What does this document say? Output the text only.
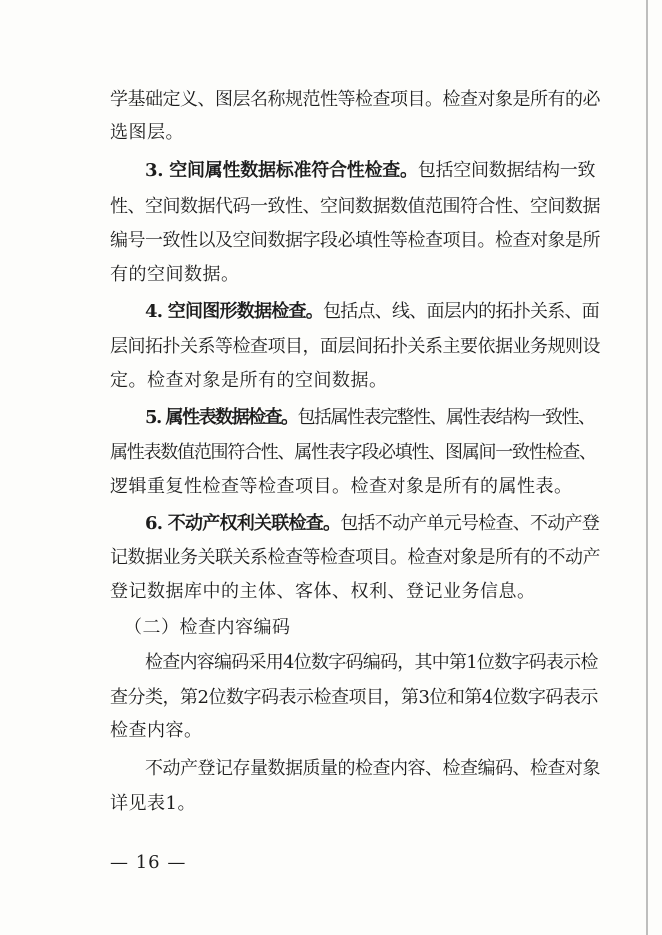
学基础定义、图层名称规范性等检查项目。检查对象是所有的必
选图层。
3. 空间属性数据标准符合性检查。包括空间数据结构一致
性、空间数据代码一致性、空间数据数值范围符合性、空间数据
编号一致性以及空间数据字段必填性等检查项目。检查对象是所
有的空间数据。
4. 空间图形数据检查。包括点、线、面层内的拓扑关系、面
层间拓扑关系等检查项目，面层间拓扑关系主要依据业务规则设
定。检查对象是所有的空间数据。
5. 属性表数据检查。包括属性表完整性、属性表结构一致性、
属性表数值范围符合性、属性表字段必填性、图属间一致性检查、
逻辑重复性检查等检查项目。检查对象是所有的属性表。
6. 不动产权利关联检查。包括不动产单元号检查、不动产登
记数据业务关联关系检查等检查项目。检查对象是所有的不动产
登记数据库中的主体、客体、权利、登记业务信息。
（二）检查内容编码
检查内容编码采用4位数字码编码，其中第1位数字码表示检
查分类，第2位数字码表示检查项目，第3位和第4位数字码表示
检查内容。
不动产登记存量数据质量的检查内容、检查编码、检查对象
详见表1。
— 16 —
